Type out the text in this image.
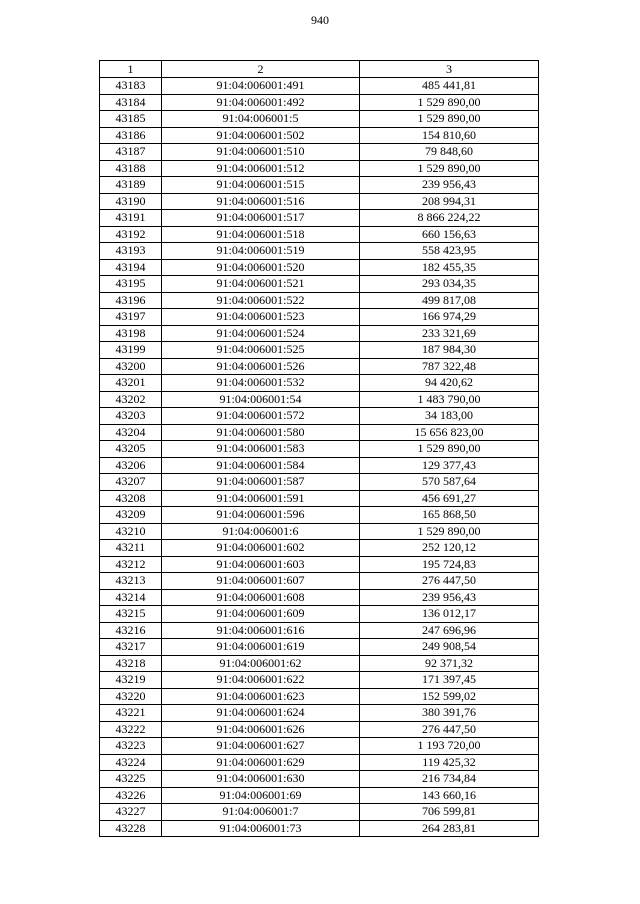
940
1	2	3
43183	91:04:006001:491	485 441,81
43184	91:04:006001:492	1 529 890,00
43185	91:04:006001:5	1 529 890,00
43186	91:04:006001:502	154 810,60
43187	91:04:006001:510	79 848,60
43188	91:04:006001:512	1 529 890,00
43189	91:04:006001:515	239 956,43
43190	91:04:006001:516	208 994,31
43191	91:04:006001:517	8 866 224,22
43192	91:04:006001:518	660 156,63
43193	91:04:006001:519	558 423,95
43194	91:04:006001:520	182 455,35
43195	91:04:006001:521	293 034,35
43196	91:04:006001:522	499 817,08
43197	91:04:006001:523	166 974,29
43198	91:04:006001:524	233 321,69
43199	91:04:006001:525	187 984,30
43200	91:04:006001:526	787 322,48
43201	91:04:006001:532	94 420,62
43202	91:04:006001:54	1 483 790,00
43203	91:04:006001:572	34 183,00
43204	91:04:006001:580	15 656 823,00
43205	91:04:006001:583	1 529 890,00
43206	91:04:006001:584	129 377,43
43207	91:04:006001:587	570 587,64
43208	91:04:006001:591	456 691,27
43209	91:04:006001:596	165 868,50
43210	91:04:006001:6	1 529 890,00
43211	91:04:006001:602	252 120,12
43212	91:04:006001:603	195 724,83
43213	91:04:006001:607	276 447,50
43214	91:04:006001:608	239 956,43
43215	91:04:006001:609	136 012,17
43216	91:04:006001:616	247 696,96
43217	91:04:006001:619	249 908,54
43218	91:04:006001:62	92 371,32
43219	91:04:006001:622	171 397,45
43220	91:04:006001:623	152 599,02
43221	91:04:006001:624	380 391,76
43222	91:04:006001:626	276 447,50
43223	91:04:006001:627	1 193 720,00
43224	91:04:006001:629	119 425,32
43225	91:04:006001:630	216 734,84
43226	91:04:006001:69	143 660,16
43227	91:04:006001:7	706 599,81
43228	91:04:006001:73	264 283,81
